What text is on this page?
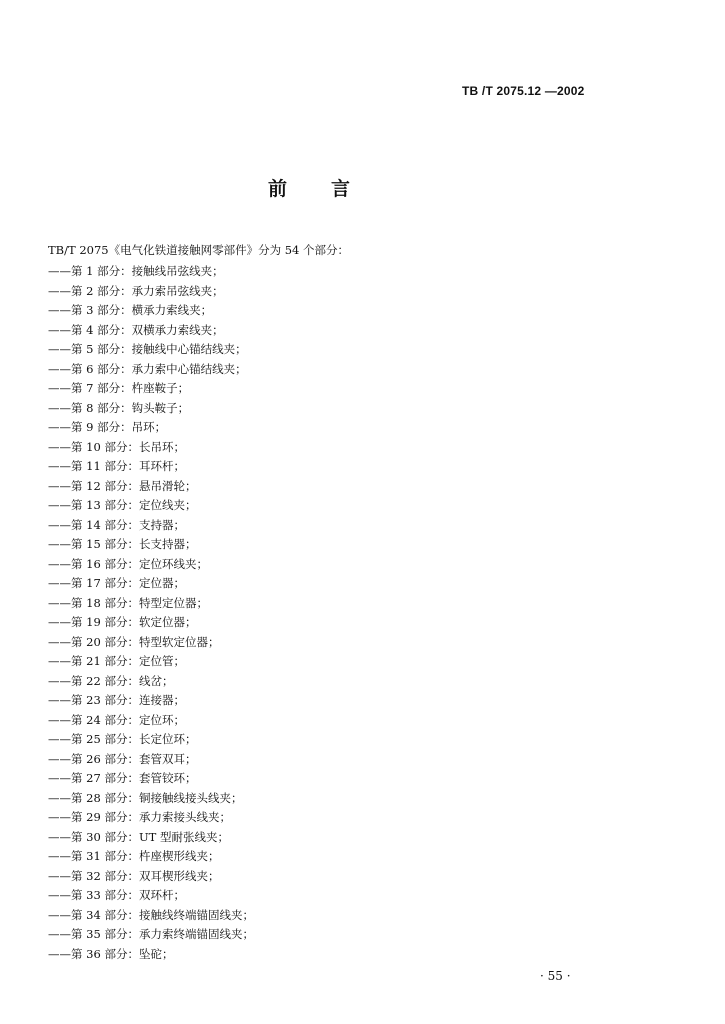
TB /T 2075.12 —2002
前言
TB/T 2075《电气化铁道接触网零部件》分为 54 个部分：
——第 1 部分：接触线吊弦线夹；
——第 2 部分：承力索吊弦线夹；
——第 3 部分：横承力索线夹；
——第 4 部分：双横承力索线夹；
——第 5 部分：接触线中心锚结线夹；
——第 6 部分：承力索中心锚结线夹；
——第 7 部分：杵座鞍子；
——第 8 部分：钩头鞍子；
——第 9 部分：吊环；
——第 10 部分：长吊环；
——第 11 部分：耳环杆；
——第 12 部分：悬吊滑轮；
——第 13 部分：定位线夹；
——第 14 部分：支持器；
——第 15 部分：长支持器；
——第 16 部分：定位环线夹；
——第 17 部分：定位器；
——第 18 部分：特型定位器；
——第 19 部分：软定位器；
——第 20 部分：特型软定位器；
——第 21 部分：定位管；
——第 22 部分：线岔；
——第 23 部分：连接器；
——第 24 部分：定位环；
——第 25 部分：长定位环；
——第 26 部分：套管双耳；
——第 27 部分：套管铰环；
——第 28 部分：铜接触线接头线夹；
——第 29 部分：承力索接头线夹；
——第 30 部分：UT 型耐张线夹；
——第 31 部分：杵座楔形线夹；
——第 32 部分：双耳楔形线夹；
——第 33 部分：双环杆；
——第 34 部分：接触线终端锚固线夹；
——第 35 部分：承力索终端锚固线夹；
——第 36 部分：坠砣；
· 55 ·
